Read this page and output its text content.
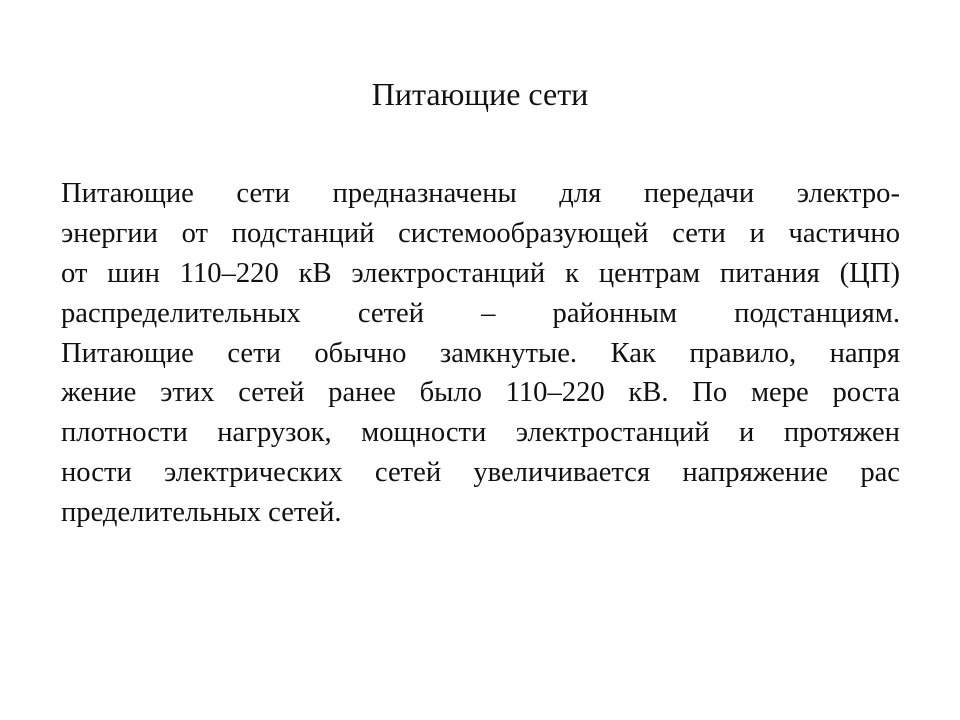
Питающие сети
Питающие сети предназначены для передачи электро-
энергии от подстанций системообразующей сети и частично
от шин 110–220 кВ электростанций к центрам питания (ЦП)
распределительных сетей – районным подстанциям.
Питающие сети обычно замкнутые. Как правило, напря
жение этих сетей ранее было 110–220 кВ. По мере роста
плотности нагрузок, мощности электростанций и протяжен
ности электрических сетей увеличивается напряжение рас
пределительных сетей.
